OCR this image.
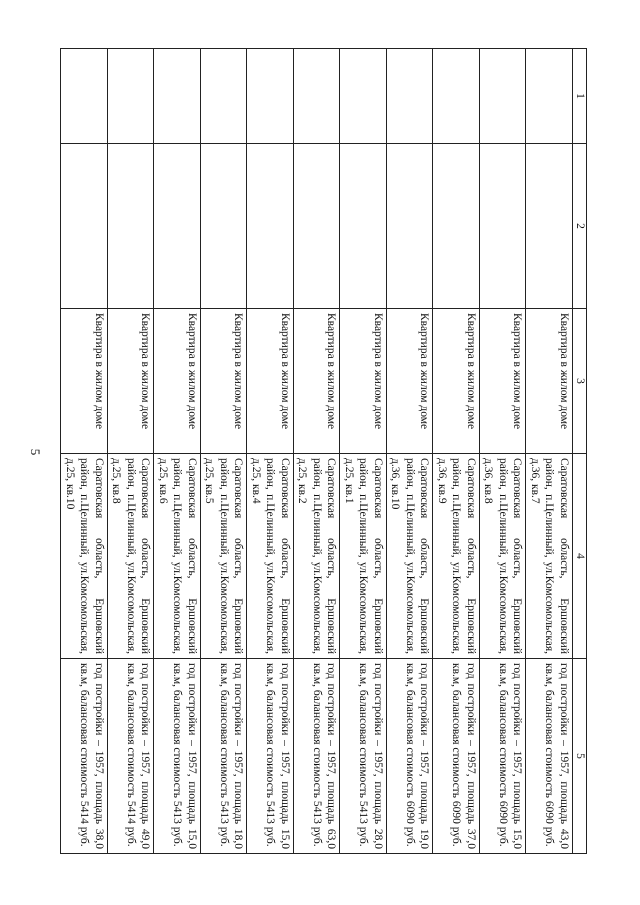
5
1	2	3	4	5
		Квартира в жилом доме	Саратовская область, Ершовский район, п.Целинный, ул.Комсомольская, д.36, кв.7	год постройки – 1957, площадь 43,0 кв.м, балансовая стоимость 6090 руб.
		Квартира в жилом доме	Саратовская область, Ершовский район, п.Целинный, ул.Комсомольская, д.36, кв.8	год постройки – 1957, площадь 15,0 кв.м, балансовая стоимость 6090 руб.
		Квартира в жилом доме	Саратовская область, Ершовский район, п.Целинный, ул.Комсомольская, д.36, кв.9	год постройки – 1957, площадь 37,0 кв.м, балансовая стоимость 6090 руб.
		Квартира в жилом доме	Саратовская область, Ершовский район, п.Целинный, ул.Комсомольская, д.36, кв.10	год постройки – 1957, площадь 19,0 кв.м, балансовая стоимость 6090 руб.
		Квартира в жилом доме	Саратовская область, Ершовский район, п.Целинный, ул.Комсомольская, д.25, кв.1	год постройки – 1957, площадь 28,0 кв.м, балансовая стоимость 5413 руб.
		Квартира в жилом доме	Саратовская область, Ершовский район, п.Целинный, ул.Комсомольская, д.25, кв.2	год постройки – 1957, площадь 63,0 кв.м, балансовая стоимость 5413 руб.
		Квартира в жилом доме	Саратовская область, Ершовский район, п.Целинный, ул.Комсомольская, д.25, кв.4	год постройки – 1957, площадь 15,0 кв.м, балансовая стоимость 5413 руб.
		Квартира в жилом доме	Саратовская область, Ершовский район, п.Целинный, ул.Комсомольская, д.25, кв.5	год постройки – 1957, площадь 18,0 кв.м, балансовая стоимость 5413 руб.
		Квартира в жилом доме	Саратовская область, Ершовский район, п.Целинный, ул.Комсомольская, д.25, кв.6	год постройки – 1957, площадь 15,0 кв.м, балансовая стоимость 5413 руб.
		Квартира в жилом доме	Саратовская область, Ершовский район, п.Целинный, ул.Комсомольская, д.25, кв.8	год постройки – 1957, площадь 49,0 кв.м, балансовая стоимость 5414 руб.
		Квартира в жилом доме	Саратовская область, Ершовский район, п.Целинный, ул.Комсомольская, д.25, кв.10	год постройки – 1957, площадь 38,0 кв.м, балансовая стоимость 5414 руб.
